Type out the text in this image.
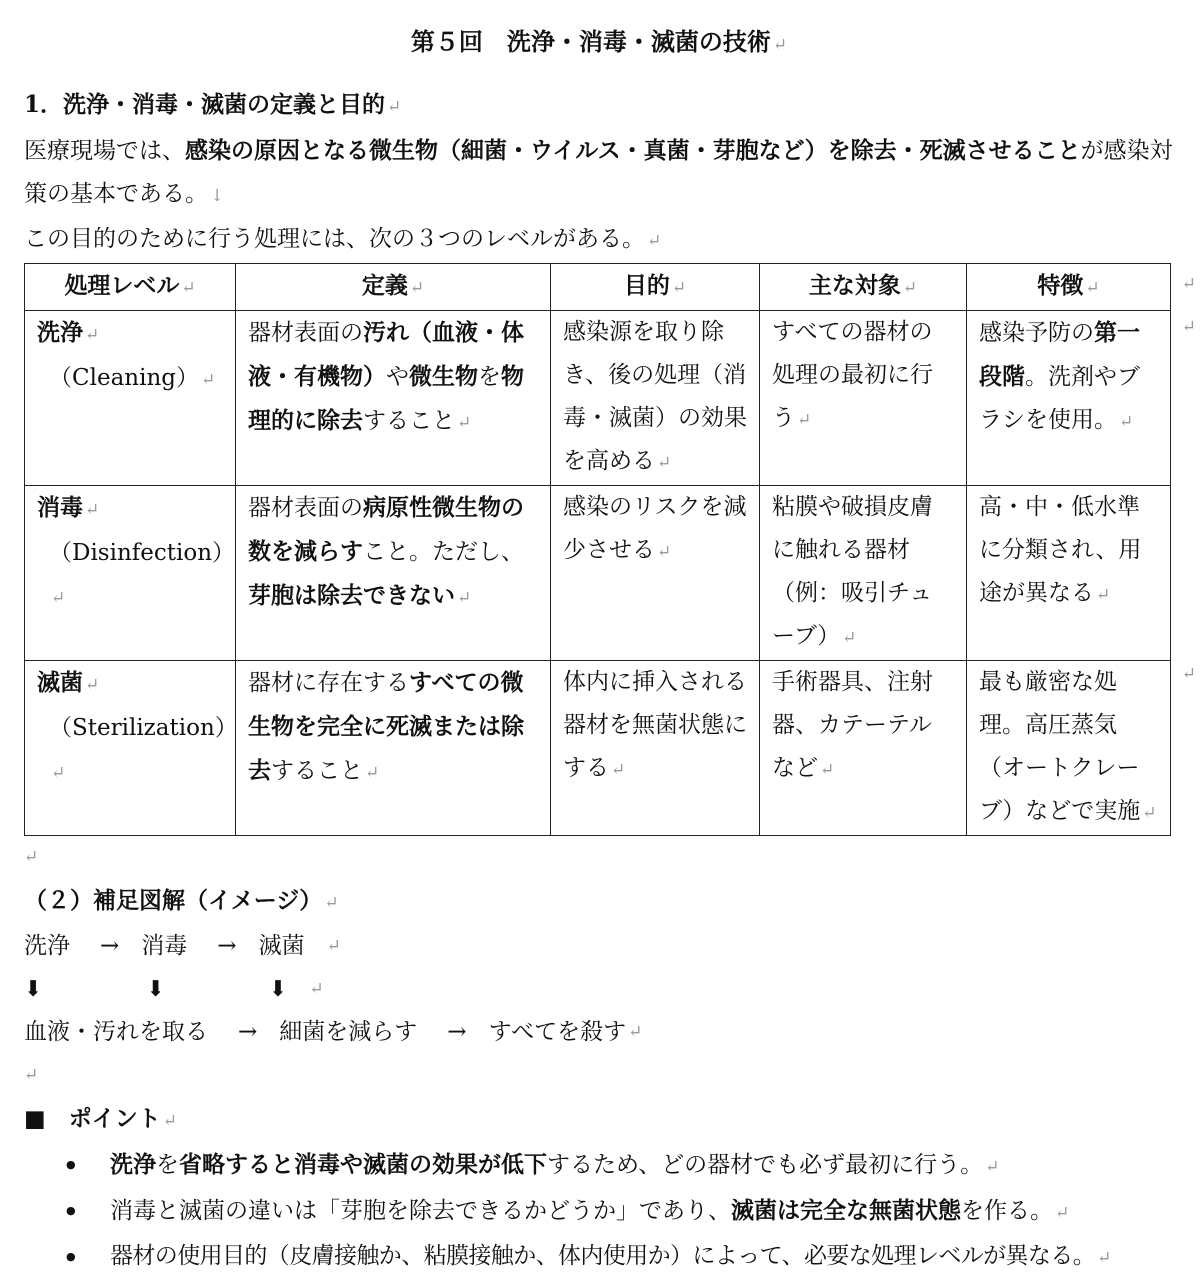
第５回　洗浄・消毒・滅菌の技術 ↵

1．洗浄・消毒・滅菌の定義と目的 ↵

医療現場では、感染の原因となる微生物（細菌・ウイルス・真菌・芽胞など）を除去・死滅させることが感染対策の基本である。 ↓

この目的のために行う処理には、次の３つのレベルがある。 ↵

処理レベル ↵	定義 ↵	目的 ↵	主な対象 ↵	特徴 ↵

洗浄 ↵
（Cleaning） ↵	器材表面の汚れ（血液・体液・有機物）や微生物を物理的に除去すること ↵	感染源を取り除き、後の処理（消毒・滅菌）の効果を高める ↵	すべての器材の処理の最初に行う ↵	感染予防の第一段階。洗剤やブラシを使用。 ↵

消毒 ↵
（Disinfection）↵	器材表面の病原性微生物の数を減らすこと。ただし、芽胞は除去できない ↵	感染のリスクを減少させる ↵	粘膜や破損皮膚に触れる器材（例：吸引チューブ） ↵	高・中・低水準に分類され、用途が異なる ↵

滅菌 ↵
（Sterilization）↵	器材に存在するすべての微生物を完全に死滅または除去すること ↵	体内に挿入される器材を無菌状態にする ↵	手術器具、注射器、カテーテルなど ↵	最も厳密な処理。高圧蒸気（オートクレーブ）などで実施 ↵
↵
↵
↵
↵

（２）補足図解（イメージ） ↵

洗浄 → 消毒 → 滅菌 ↵
⬇	⬇	⬇ ↵
血液・汚れを取る → 細菌を減らす → すべてを殺す ↵
↵

■　ポイント ↵

● 洗浄を省略すると消毒や滅菌の効果が低下するため、どの器材でも必ず最初に行う。 ↵
● 消毒と滅菌の違いは「芽胞を除去できるかどうか」であり、滅菌は完全な無菌状態を作る。 ↵
● 器材の使用目的（皮膚接触か、粘膜接触か、体内使用か）によって、必要な処理レベルが異なる。 ↵
